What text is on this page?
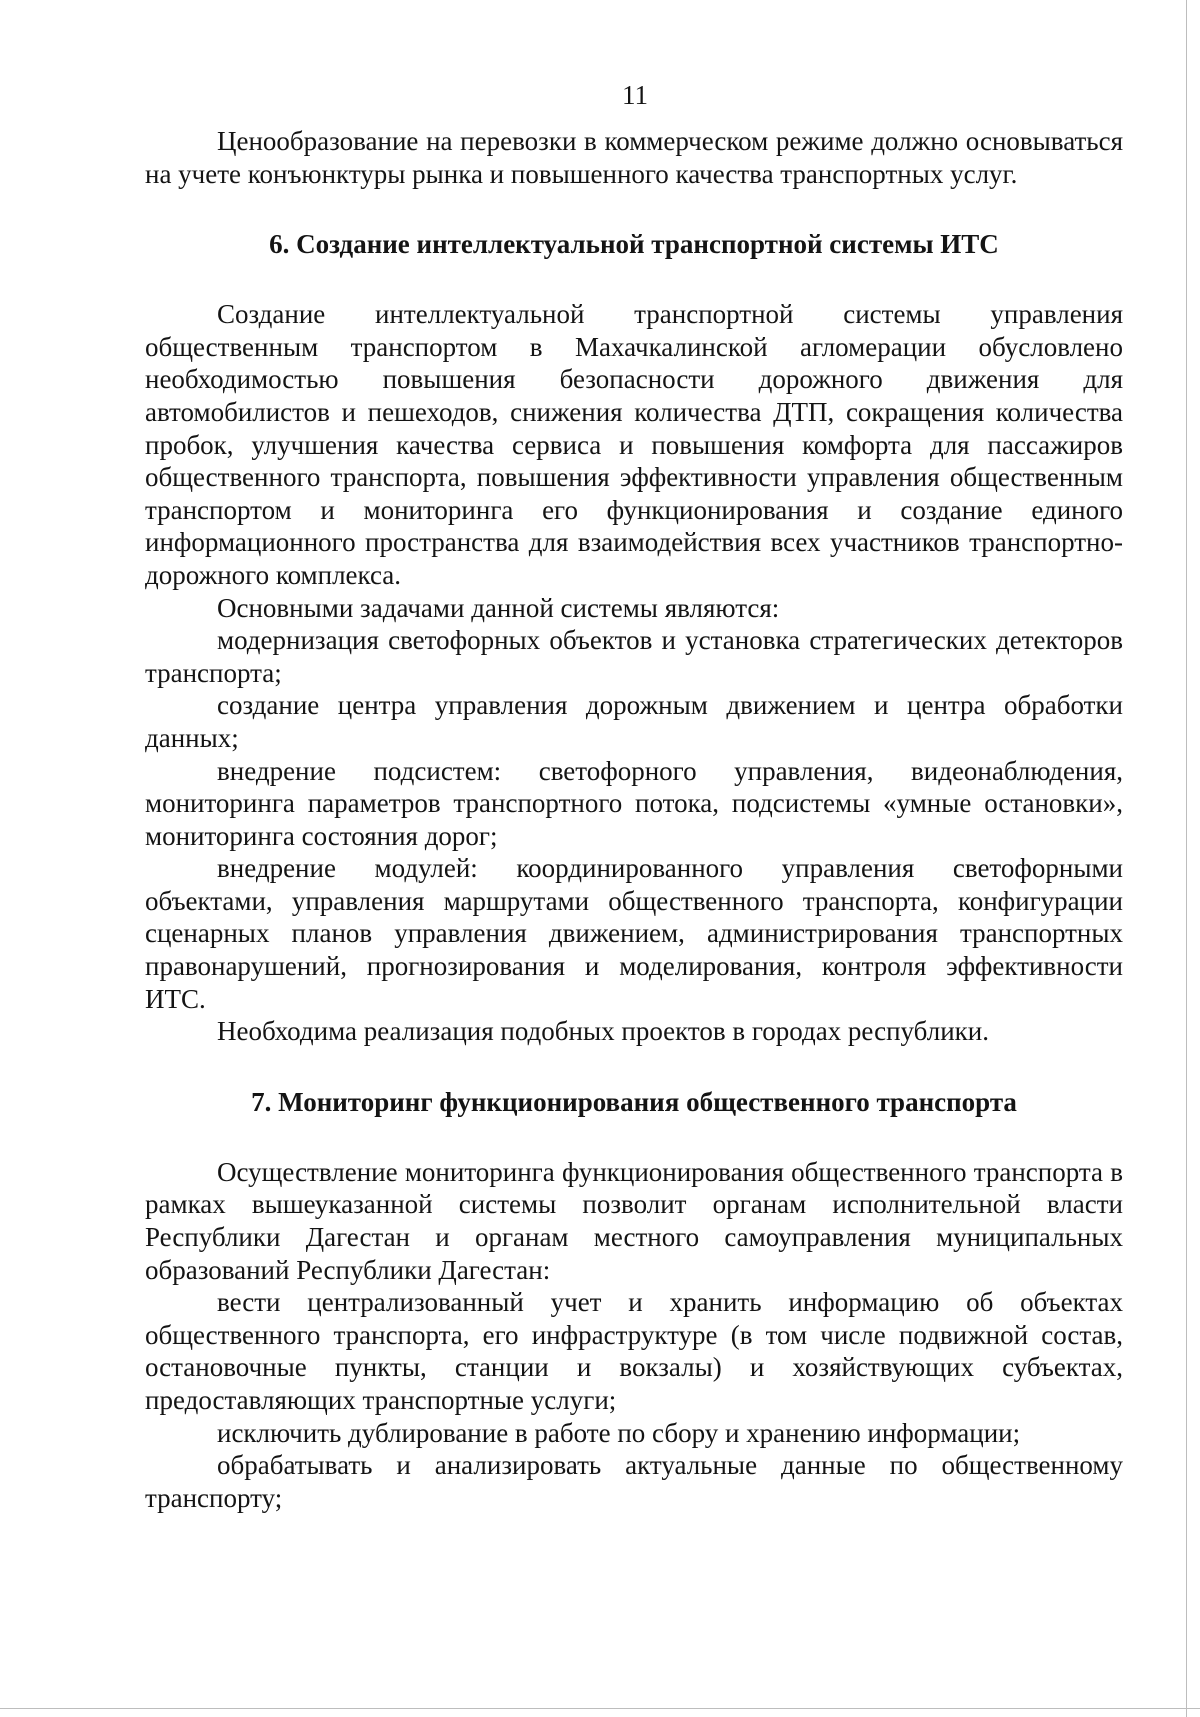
11

Ценообразование на перевозки в коммерческом режиме должно основываться на учете конъюнктуры рынка и повышенного качества транспортных услуг.

6. Создание интеллектуальной транспортной системы ИТС

Создание интеллектуальной транспортной системы управления общественным транспортом в Махачкалинской агломерации обусловлено необходимостью повышения безопасности дорожного движения для автомобилистов и пешеходов, снижения количества ДТП, сокращения количества пробок, улучшения качества сервиса и повышения комфорта для пассажиров общественного транспорта, повышения эффективности управления общественным транспортом и мониторинга его функционирования и создание единого информационного пространства для взаимодействия всех участников транспортно-дорожного комплекса.

Основными задачами данной системы являются:

модернизация светофорных объектов и установка стратегических детекторов транспорта;

создание центра управления дорожным движением и центра обработки данных;

внедрение подсистем: светофорного управления, видеонаблюдения, мониторинга параметров транспортного потока, подсистемы «умные остановки», мониторинга состояния дорог;

внедрение модулей: координированного управления светофорными объектами, управления маршрутами общественного транспорта, конфигурации сценарных планов управления движением, администрирования транспортных правонарушений, прогнозирования и моделирования, контроля эффективности ИТС.

Необходима реализация подобных проектов в городах республики.

7. Мониторинг функционирования общественного транспорта

Осуществление мониторинга функционирования общественного транспорта в рамках вышеуказанной системы позволит органам исполнительной власти Республики Дагестан и органам местного самоуправления муниципальных образований Республики Дагестан:

вести централизованный учет и хранить информацию об объектах общественного транспорта, его инфраструктуре (в том числе подвижной состав, остановочные пункты, станции и вокзалы) и хозяйствующих субъектах, предоставляющих транспортные услуги;

исключить дублирование в работе по сбору и хранению информации;

обрабатывать и анализировать актуальные данные по общественному транспорту;
